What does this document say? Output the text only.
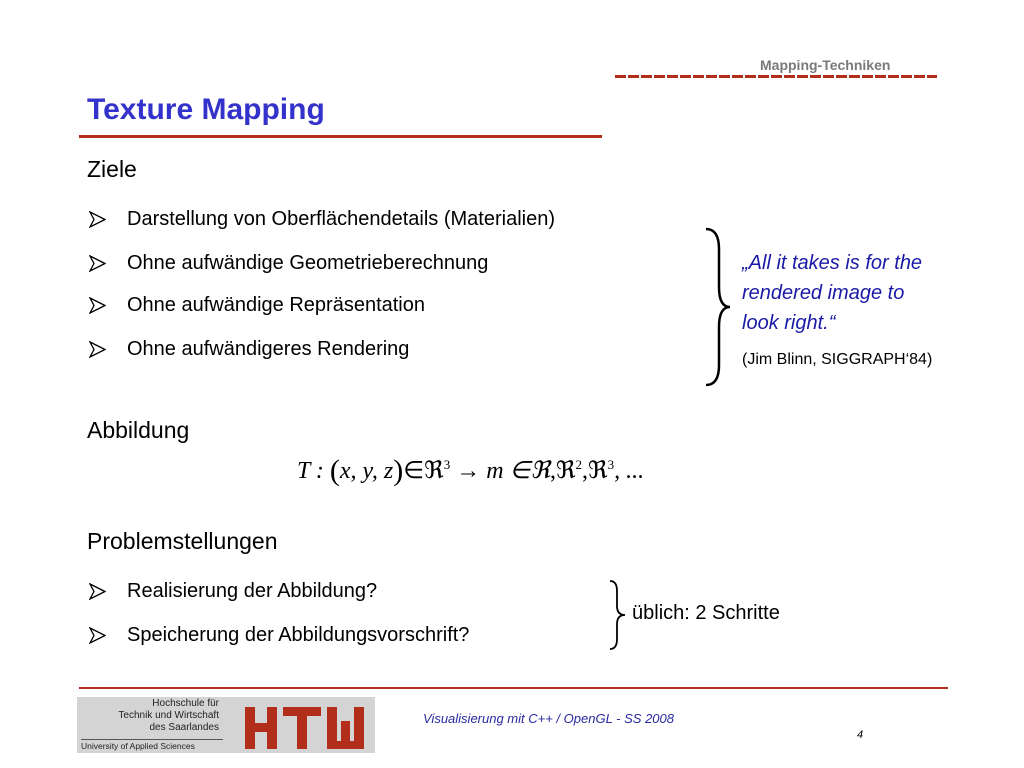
Mapping-Techniken
Texture Mapping
Ziele
Darstellung von Oberflächendetails (Materialien)
Ohne aufwändige Geometrieberechnung
Ohne aufwändige Repräsentation
Ohne aufwändigeres Rendering
„All it takes is for the
rendered image to
look right.“
(Jim Blinn, SIGGRAPH‘84)
Abbildung
T : (x, y, z)∈ℜ$^3$ → m ∈ℜ,ℜ$^2$,ℜ$^3$, ...
Problemstellungen
Realisierung der Abbildung?
Speicherung der Abbildungsvorschrift?
üblich: 2 Schritte
Hochschule für
Technik und Wirtschaft
des Saarlandes
University of Applied Sciences
Visualisierung mit C++ / OpenGL - SS 2008
4
